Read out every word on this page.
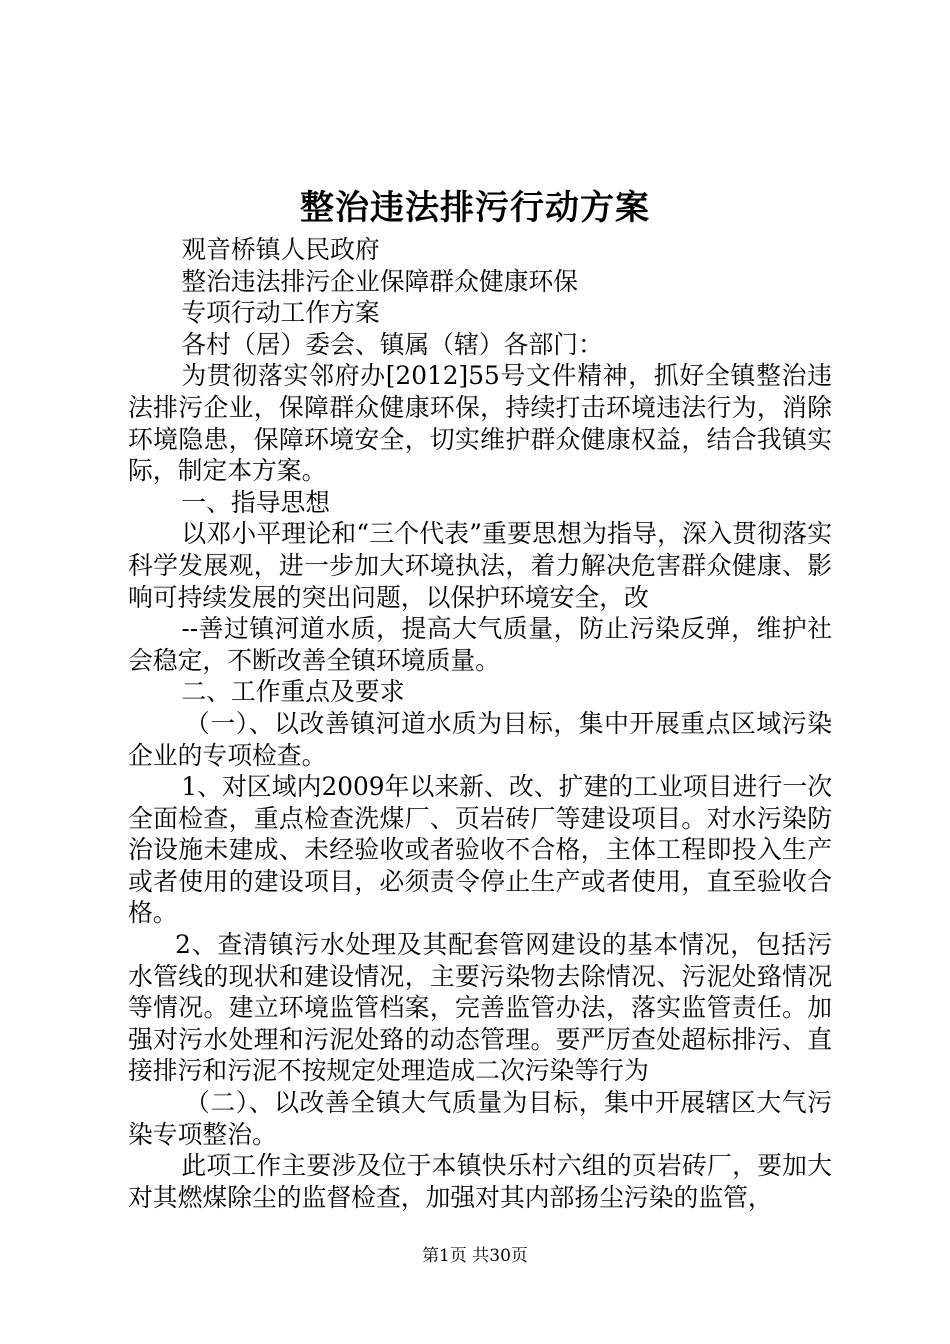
整治违法排污行动方案

观音桥镇人民政府

整治违法排污企业保障群众健康环保

专项行动工作方案

各村（居）委会、镇属（辖）各部门：

为贯彻落实邻府办[2012]55号文件精神，抓好全镇整治违法排污企业，保障群众健康环保，持续打击环境违法行为，消除环境隐患，保障环境安全，切实维护群众健康权益，结合我镇实际，制定本方案。

一、指导思想

以邓小平理论和“三个代表”重要思想为指导，深入贯彻落实科学发展观，进一步加大环境执法，着力解决危害群众健康、影响可持续发展的突出问题，以保护环境安全，改

--善过镇河道水质，提高大气质量，防止污染反弹，维护社会稳定，不断改善全镇环境质量。

二、工作重点及要求

（一）、以改善镇河道水质为目标，集中开展重点区域污染企业的专项检查。

1、对区域内2009年以来新、改、扩建的工业项目进行一次全面检查，重点检查洗煤厂、页岩砖厂等建设项目。对水污染防治设施未建成、未经验收或者验收不合格，主体工程即投入生产或者使用的建设项目，必须责令停止生产或者使用，直至验收合格。

2、查清镇污水处理及其配套管网建设的基本情况，包括污水管线的现状和建设情况，主要污染物去除情况、污泥处臵情况等情况。建立环境监管档案，完善监管办法，落实监管责任。加强对污水处理和污泥处臵的动态管理。要严厉查处超标排污、直接排污和污泥不按规定处理造成二次污染等行为

（二）、以改善全镇大气质量为目标，集中开展辖区大气污染专项整治。

此项工作主要涉及位于本镇快乐村六组的页岩砖厂，要加大对其燃煤除尘的监督检查，加强对其内部扬尘污染的监管，

第1页 共30页
